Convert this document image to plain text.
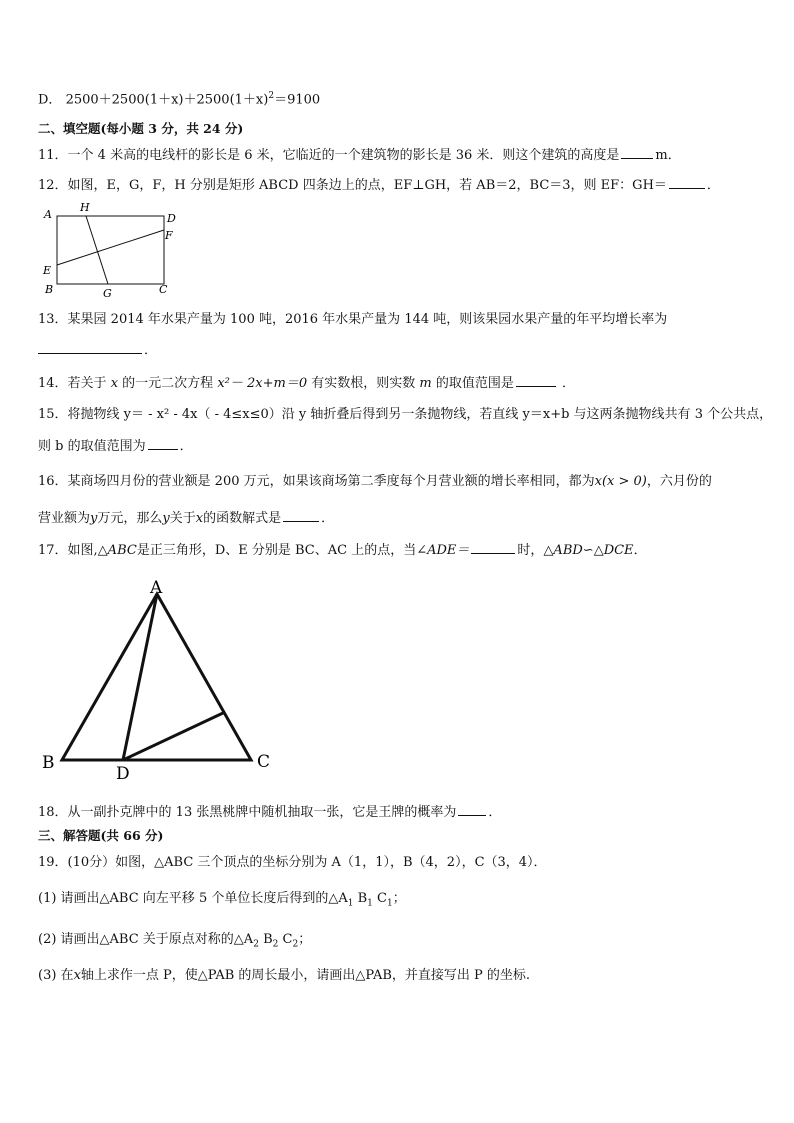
D． $2500+2500(1+x)+2500(1+x)^2=9100$
二、填空题(每小题 3 分，共 24 分)
11．一个 4 米高的电线杆的影长是 6 米，它临近的一个建筑物的影长是 36 米．则这个建筑的高度是	m．
12．如图，E，G，F，H 分别是矩形 ABCD 四条边上的点，EF⊥GH，若 AB＝2，BC＝3，则 EF：GH＝	．
A
H
D
F
E
B	G	C
13．某果园 2014 年水果产量为 100 吨，2016 年水果产量为 144 吨，则该果园水果产量的年平均增长率为
．
14．若关于 x 的一元二次方程 x²－ 2x+m＝0 有实数根，则实数 m 的取值范围是	．
15．将抛物线 y＝ - x² - 4x（ - 4≤x≤0）沿 y 轴折叠后得到另一条抛物线，若直线 y＝x+b 与这两条抛物线共有 3 个公共点，
则 b 的取值范围为	．
16．某商场四月份的营业额是 200 万元，如果该商场第二季度每个月营业额的增长率相同，都为x(x > 0)，六月份的
营业额为y万元，那么y关于x的函数解式是	．
17．如图,△ABC是正三角形，D、E 分别是 BC、AC 上的点，当∠ADE＝	时，△ABD∽△DCE．
A
B	C
D
18．从一副扑克牌中的 13 张黑桃牌中随机抽取一张，它是王牌的概率为 ．
三、解答题(共 66 分)
19．(10分）如图，△ABC 三个顶点的坐标分别为 A（1，1），B（4，2），C（3，4）．
(1) 请画出△ABC 向左平移 5 个单位长度后得到的$\triangle A_1$ $B_1$ $C_1$；
(2) 请画出△ABC 关于原点对称的$\triangle A_2$ $B_2$ $C_2$；
(3) 在x轴上求作一点 P，使△PAB 的周长最小，请画出△PAB，并直接写出 P 的坐标.
